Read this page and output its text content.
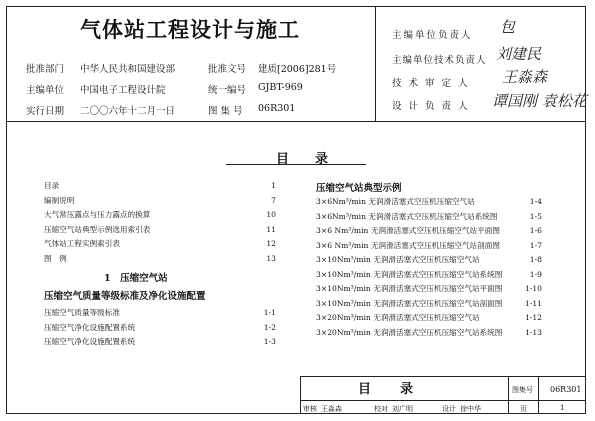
气体站工程设计与施工
批准部门 中华人民共和国建设部	批准文号 建质[2006]281号
主编单位 中国电子工程设计院	统一编号 GJBT-969
实行日期 二〇〇六年十二月一日	图 集 号 06R301
主编单位负责人 包
主编单位技术负责人 刘建民
技 术 审 定 人 王淼森
设 计 负 责 人 谭国刚 袁松花
目　　录
目录	1
编制说明	7
大气常压露点与压力露点的换算	10
压缩空气站典型示例选用索引表	11
气体站工程实例索引表	12
图　例	13
1　压缩空气站
压缩空气质量等级标准及净化设施配置
压缩空气质量等级标准	1-1
压缩空气净化设施配置系统	1-2
压缩空气净化设施配置系统	1-3
压缩空气站典型示例
3×6Nm³/min 无润滑活塞式空压机压缩空气站	1-4
3×6Nm³/min 无润滑活塞式空压机压缩空气站系统图	1-5
3×6 Nm³/min 无润滑活塞式空压机压缩空气站平面图	1-6
3×6 Nm³/min 无润滑活塞式空压机压缩空气站剖面图	1-7
3×10Nm³/min 无润滑活塞式空压机压缩空气站	1-8
3×10Nm³/min 无润滑活塞式空压机压缩空气站系统图	1-9
3×10Nm³/min 无润滑活塞式空压机压缩空气站平面图	1-10
3×10Nm³/min 无润滑活塞式空压机压缩空气站剖面图	1-11
3×20Nm³/min 无润滑活塞式空压机压缩空气站	1-12
3×20Nm³/min 无润滑活塞式空压机压缩空气站系统图	1-13
目　　录	图集号 06R301
审核 王淼森	校对 刘广明	设计 徐中华	页	1
